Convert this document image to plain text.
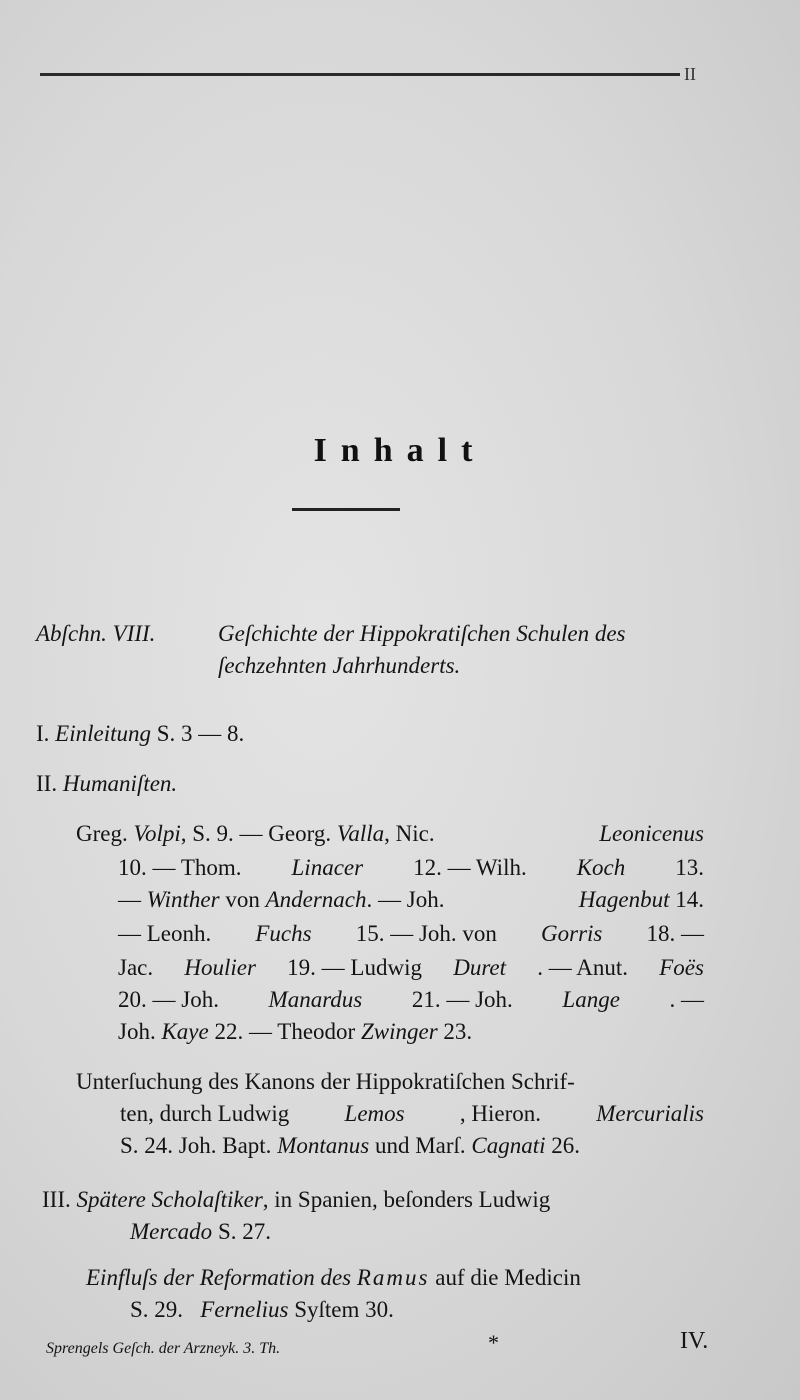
II
Inhalt
Abſchn. VIII.	Geſchichte der Hippokratiſchen Schulen des
ſechzehnten Jahrhunderts.
I. Einleitung S. 3 — 8.
II. Humaniſten.
Greg. Volpi, S. 9. — Georg. Valla, Nic.	Leonicenus
10. — Thom. Linacer 12. — Wilh. Koch 13.
— Winther von Andernach. — Joh.	Hagenbut 14.
— Leonh. Fuchs 15. — Joh. von Gorris 18. —
Jac. Houlier 19. — Ludwig Duret . — Anut. Foës
20. — Joh. Manardus 21. — Joh. Lange . —
Joh. Kaye 22. — Theodor Zwinger 23.
Unterſuchung des Kanons der Hippokratiſchen Schrif-
ten, durch Ludwig Lemos , Hieron. Mercurialis
S. 24. Joh. Bapt. Montanus und Marſ. Cagnati 26.
III. Spätere Scholaſtiker, in Spanien, beſonders Ludwig
Mercado S. 27.
Einfluſs der Reformation des Ramus auf die Medicin
S. 29. Fernelius Syſtem 30.
Sprengels Geſch. der Arzneyk. 3. Th.	*	IV.
